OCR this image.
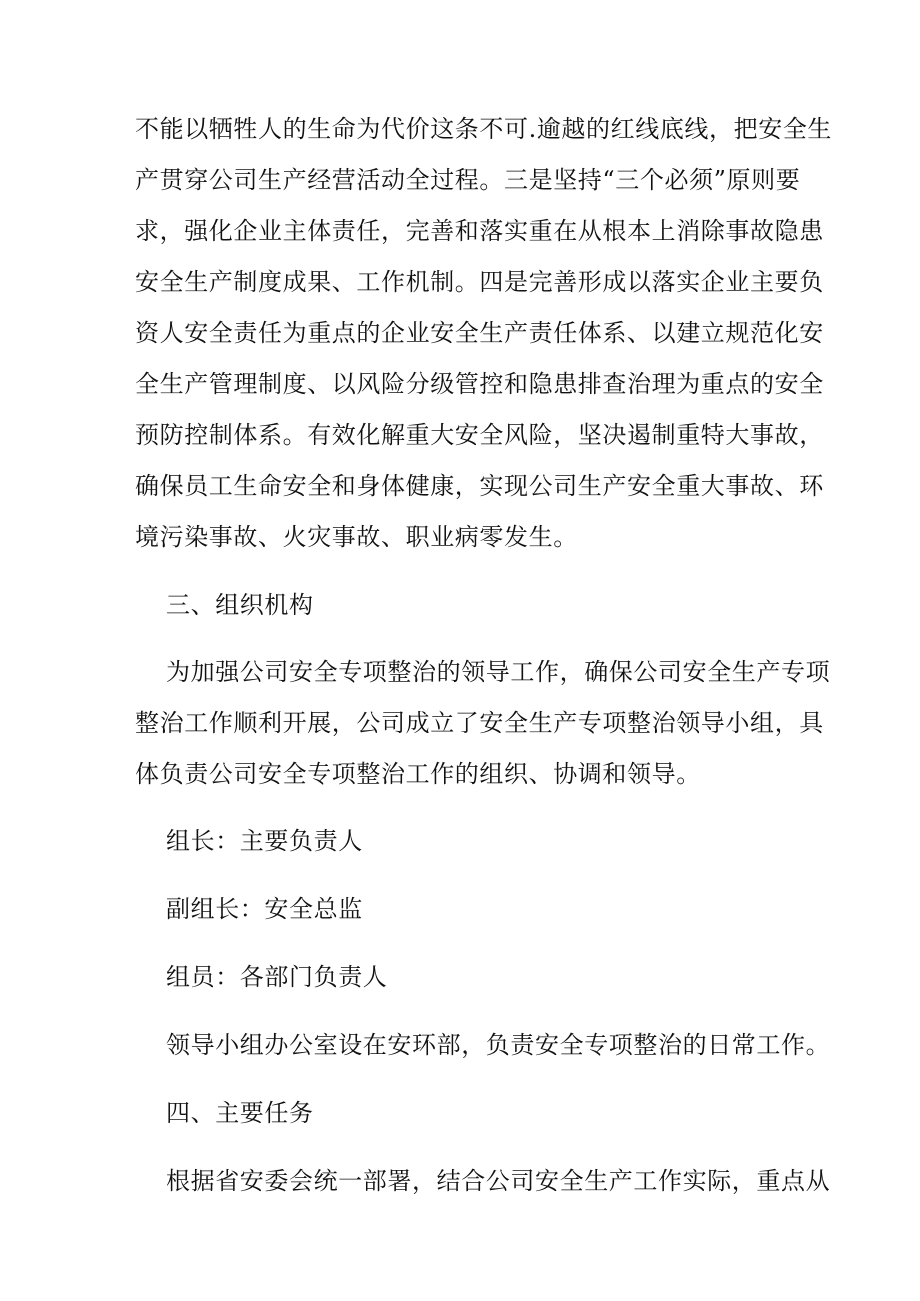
不能以牺牲人的生命为代价这条不可.逾越的红线底线，把安全生
产贯穿公司生产经营活动全过程。三是坚持“三个必须”原则要
求，强化企业主体责任，完善和落实重在从根本上消除事故隐患
安全生产制度成果、工作机制。四是完善形成以落实企业主要负
资人安全责任为重点的企业安全生产责任体系、以建立规范化安
全生产管理制度、以风险分级管控和隐患排查治理为重点的安全
预防控制体系。有效化解重大安全风险，坚决遏制重特大事故，
确保员工生命安全和身体健康，实现公司生产安全重大事故、环
境污染事故、火灾事故、职业病零发生。
三、组织机构
为加强公司安全专项整治的领导工作，确保公司安全生产专项
整治工作顺利开展，公司成立了安全生产专项整治领导小组，具
体负责公司安全专项整治工作的组织、协调和领导。
组长：主要负责人
副组长：安全总监
组员：各部门负责人
领导小组办公室设在安环部，负责安全专项整治的日常工作。
四、主要任务
根据省安委会统一部署，结合公司安全生产工作实际，重点从
